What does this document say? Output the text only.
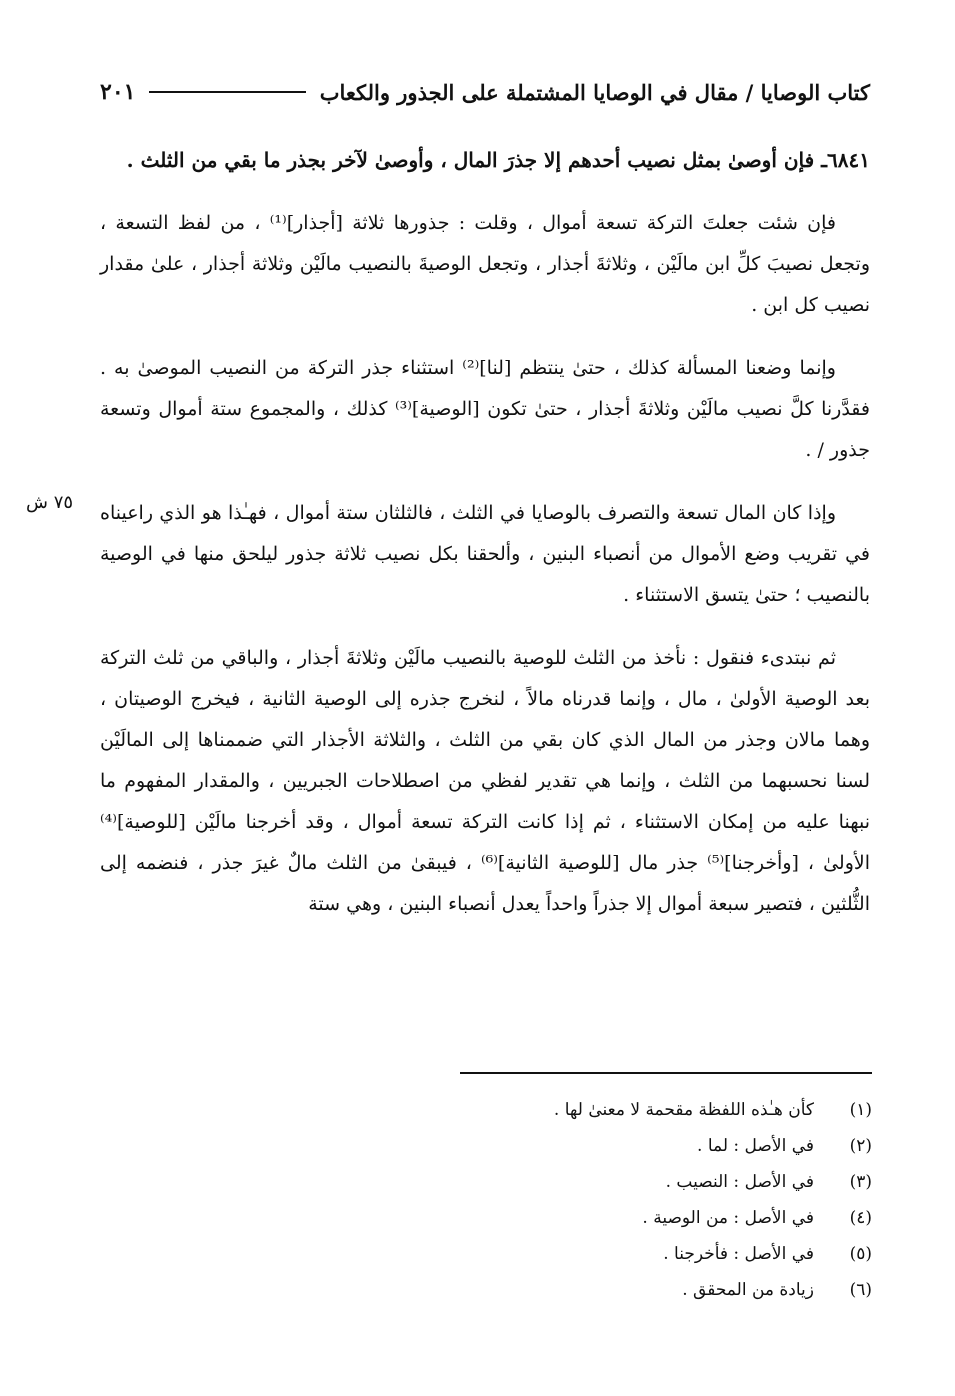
كتاب الوصايا / مقال في الوصايا المشتملة على الجذور والكعاب
٢٠١

٦٨٤١ـ فإن أوصىٰ بمثل نصيب أحدهم إلا جذرَ المال ، وأوصىٰ لآخر بجذر ما بقي من الثلث .

فإن شئت جعلتَ التركة تسعة أموال ، وقلت : جذورها ثلاثة [أجذار]⁽¹⁾ ، من لفظ التسعة ، وتجعل نصيبَ كلِّ ابن مالَيْن ، وثلاثةَ أجذار ، وتجعل الوصيةَ بالنصيب مالَيْن وثلاثة أجذار ، علىٰ مقدار نصيب كل ابن .

وإنما وضعنا المسألة كذلك ، حتىٰ ينتظم [لنا]⁽²⁾ استثناء جذر التركة من النصيب الموصىٰ به . فقدَّرنا كلَّ نصيب مالَيْن وثلاثةَ أجذار ، حتىٰ تكون [الوصية]⁽³⁾ كذلك ، والمجموع ستة أموال وتسعة جذور / .

وإذا كان المال تسعة والتصرف بالوصايا في الثلث ، فالثلثان ستة أموال ، فهـٰذا هو الذي راعيناه في تقريب وضع الأموال من أنصباء البنين ، وألحقنا بكل نصيب ثلاثة جذور ليلحق منها في الوصية بالنصيب ؛ حتىٰ يتسق الاستثناء .

ثم نبتدىء فنقول : نأخذ من الثلث للوصية بالنصيب مالَيْن وثلاثةَ أجذار ، والباقي من ثلث التركة بعد الوصية الأولىٰ ، مال ، وإنما قدرناه مالاً ، لنخرج جذره إلى الوصية الثانية ، فيخرج الوصيتان ، وهما مالان وجذر من المال الذي كان بقي من الثلث ، والثلاثة الأجذار التي ضممناها إلى المالَيْن لسنا نحسبهما من الثلث ، وإنما هي تقدير لفظي من اصطلاحات الجبريين ، والمقدار المفهوم ما نبهنا عليه من إمكان الاستثناء ، ثم إذا كانت التركة تسعة أموال ، وقد أخرجنا مالَيْن [للوصية]⁽⁴⁾ الأولىٰ ، [وأخرجنا]⁽⁵⁾ جذر مال [للوصية الثانية]⁽⁶⁾ ، فيبقىٰ من الثلث مالٌ غيرَ جذر ، فنضمه إلى الثُّلثين ، فتصير سبعة أموال إلا جذراً واحداً يعدل أنصباء البنين ، وهي ستة

٧٥ ش
(١)
كأن هـٰذه اللفظة مقحمة لا معنىٰ لها .
(٢)
في الأصل : لما .
(٣)
في الأصل : النصيب .
(٤)
في الأصل : من الوصية .
(٥)
في الأصل : فأخرجنا .
(٦)
زيادة من المحقق .
